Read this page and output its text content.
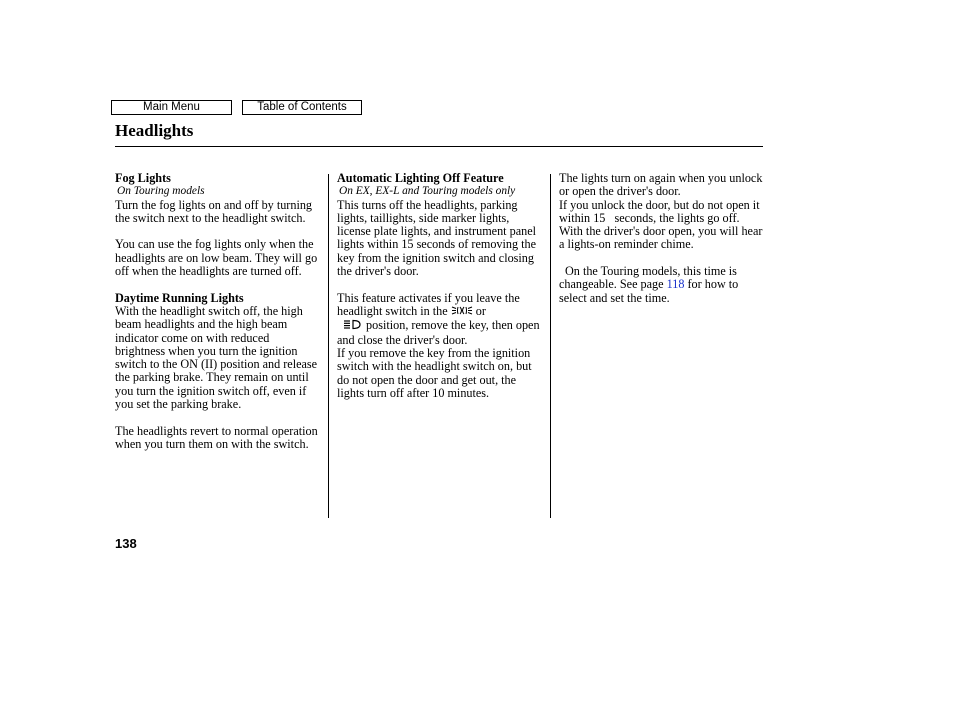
Main Menu	Table of Contents
Headlights

Fog Lights

On Touring models

Turn the fog lights on and off by turning the switch next to the headlight switch.

You can use the fog lights only when the headlights are on low beam. They will go off when the headlights are turned off.

Daytime Running Lights

With the headlight switch off, the high beam headlights and the high beam indicator come on with reduced brightness when you turn the ignition switch to the ON (II) position and release the parking brake. They remain on until you turn the ignition switch off, even if you set the parking brake.

The headlights revert to normal operation when you turn them on with the switch.

Automatic Lighting Off Feature

On EX, EX-L and Touring models only

This turns off the headlights, parking lights, taillights, side marker lights, license plate lights, and instrument panel lights within 15 seconds of removing the key from the ignition switch and closing the driver's door.

This feature activates if you leave the headlight switch in the or
position, remove the key, then open and close the driver's door.

If you remove the key from the ignition switch with the headlight switch on, but do not open the door and get out, the lights turn off after 10 minutes.

The lights turn on again when you unlock or open the driver's door.

If you unlock the door, but do not open it within 15   seconds, the lights go off. With the driver's door open, you will hear a lights-on reminder chime.

On the Touring models, this time is changeable. See page 118 for how to select and set the time.

138
